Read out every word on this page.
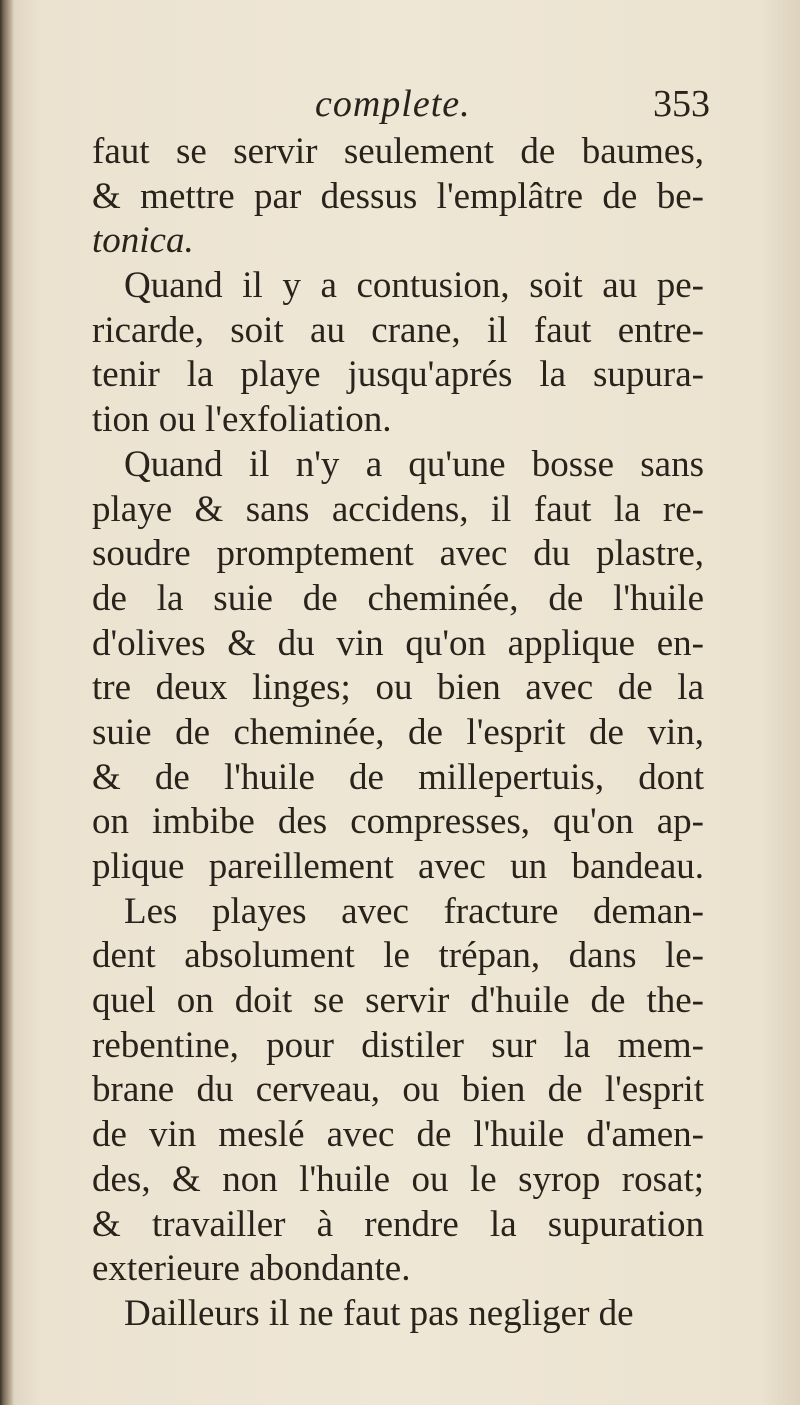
complete.	353
faut se servir seulement de baumes,
& mettre par dessus l'emplâtre de be-
tonica.
Quand il y a contusion, soit au pe-
ricarde, soit au crane, il faut entre-
tenir la playe jusqu'aprés la supura-
tion ou l'exfoliation.
Quand il n'y a qu'une bosse sans
playe & sans accidens, il faut la re-
soudre promptement avec du plastre,
de la suie de cheminée, de l'huile
d'olives & du vin qu'on applique en-
tre deux linges; ou bien avec de la
suie de cheminée, de l'esprit de vin,
& de l'huile de millepertuis, dont
on imbibe des compresses, qu'on ap-
plique pareillement avec un bandeau.
Les playes avec fracture deman-
dent absolument le trépan, dans le-
quel on doit se servir d'huile de the-
rebentine, pour distiler sur la mem-
brane du cerveau, ou bien de l'esprit
de vin meslé avec de l'huile d'amen-
des, & non l'huile ou le syrop rosat;
& travailler à rendre la supuration
exterieure abondante.
Dailleurs il ne faut pas negliger de
